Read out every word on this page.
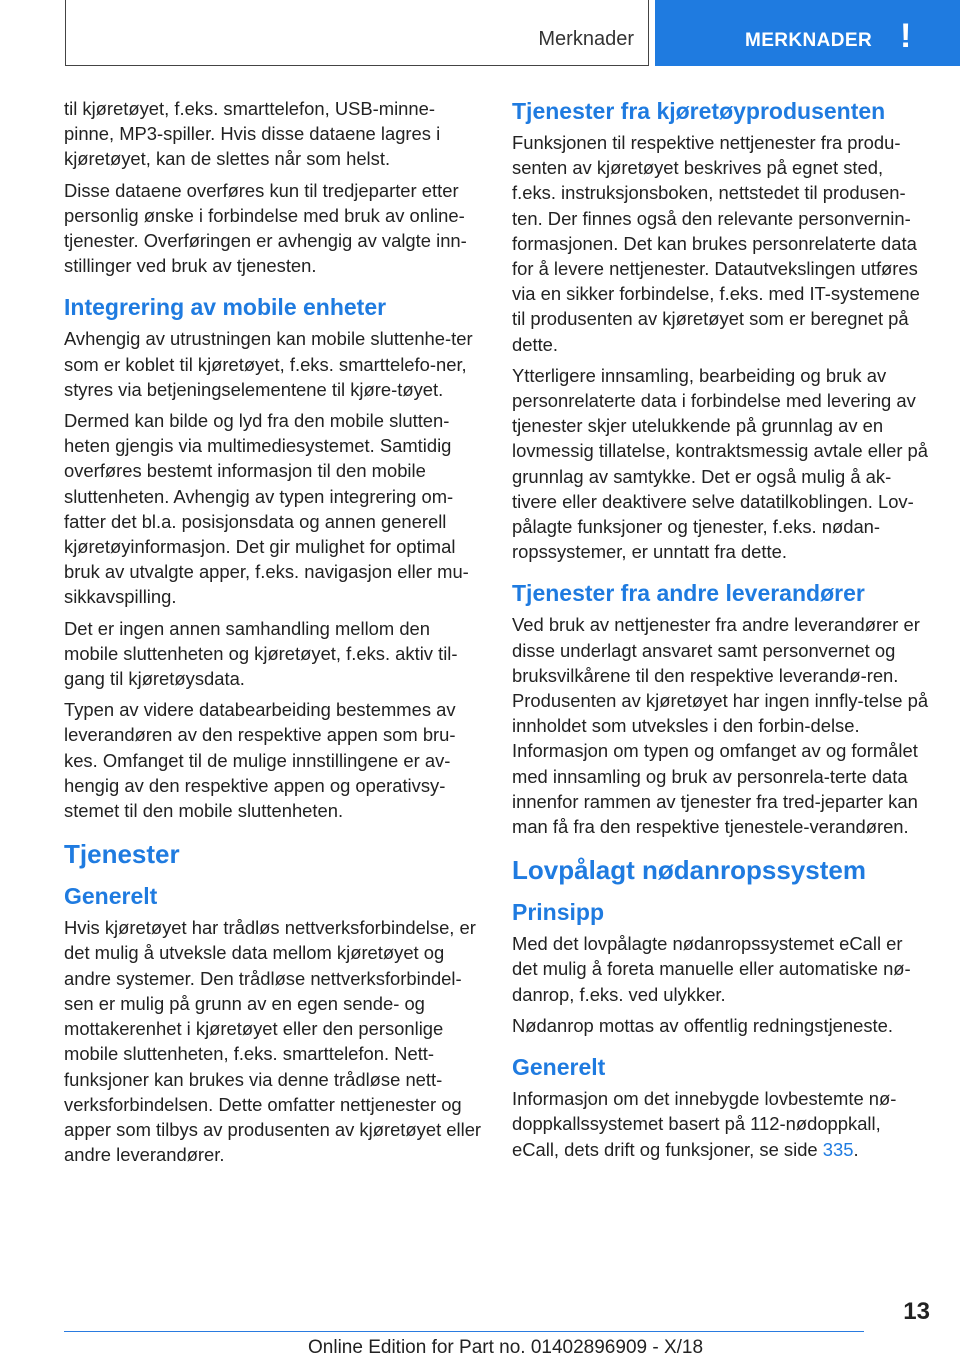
Merknader	MERKNADER !

til kjøretøyet, f.eks. smarttelefon, USB-minne-pinne, MP3-spiller. Hvis disse dataene lagres i kjøretøyet, kan de slettes når som helst.

Disse dataene overføres kun til tredjeparter etter personlig ønske i forbindelse med bruk av online-tjenester. Overføringen er avhengig av valgte inn-stillinger ved bruk av tjenesten.

Integrering av mobile enheter

Avhengig av utrustningen kan mobile sluttenhe-ter som er koblet til kjøretøyet, f.eks. smarttelefo-ner, styres via betjeningselementene til kjøre-tøyet.

Dermed kan bilde og lyd fra den mobile slutten-heten gjengis via multimediesystemet. Samtidig overføres bestemt informasjon til den mobile sluttenheten. Avhengig av typen integrering om-fatter det bl.a. posisjonsdata og annen generell kjøretøyinformasjon. Det gir mulighet for optimal bruk av utvalgte apper, f.eks. navigasjon eller mu-sikkavspilling.

Det er ingen annen samhandling mellom den mobile sluttenheten og kjøretøyet, f.eks. aktiv til-gang til kjøretøysdata.

Typen av videre databearbeiding bestemmes av leverandøren av den respektive appen som bru-kes. Omfanget til de mulige innstillingene er av-hengig av den respektive appen og operativsy-stemet til den mobile sluttenheten.

Tjenester
Generelt

Hvis kjøretøyet har trådløs nettverksforbindelse, er det mulig å utveksle data mellom kjøretøyet og andre systemer. Den trådløse nettverksforbindel-sen er mulig på grunn av en egen sende- og mottakerenhet i kjøretøyet eller den personlige mobile sluttenheten, f.eks. smarttelefon. Nett-funksjoner kan brukes via denne trådløse nett-verksforbindelsen. Dette omfatter nettjenester og apper som tilbys av produsenten av kjøretøyet eller andre leverandører.

Tjenester fra kjøretøyprodusenten

Funksjonen til respektive nettjenester fra produ-senten av kjøretøyet beskrives på egnet sted, f.eks. instruksjonsboken, nettstedet til produsen-ten. Der finnes også den relevante personvernin-formasjonen. Det kan brukes personrelaterte data for å levere nettjenester. Datautvekslingen utføres via en sikker forbindelse, f.eks. med IT-systemene til produsenten av kjøretøyet som er beregnet på dette.

Ytterligere innsamling, bearbeiding og bruk av personrelaterte data i forbindelse med levering av tjenester skjer utelukkende på grunnlag av en lovmessig tillatelse, kontraktsmessig avtale eller på grunnlag av samtykke. Det er også mulig å ak-tivere eller deaktivere selve datatilkoblingen. Lov-pålagte funksjoner og tjenester, f.eks. nødan-ropssystemer, er unntatt fra dette.

Tjenester fra andre leverandører

Ved bruk av nettjenester fra andre leverandører er disse underlagt ansvaret samt personvernet og bruksvilkårene til den respektive leverandø-ren. Produsenten av kjøretøyet har ingen innfly-telse på innholdet som utveksles i den forbin-delse. Informasjon om typen og omfanget av og formålet med innsamling og bruk av personrela-terte data innenfor rammen av tjenester fra tred-jeparter kan man få fra den respektive tjenestele-verandøren.

Lovpålagt nødanropssystem
Prinsipp

Med det lovpålagte nødanropssystemet eCall er det mulig å foreta manuelle eller automatiske nø-danrop, f.eks. ved ulykker.

Nødanrop mottas av offentlig redningstjeneste.

Generelt

Informasjon om det innebygde lovbestemte nø-doppkallssystemet basert på 112-nødoppkall, eCall, dets drift og funksjoner, se side 335.

13
Online Edition for Part no. 01402896909 - X/18
